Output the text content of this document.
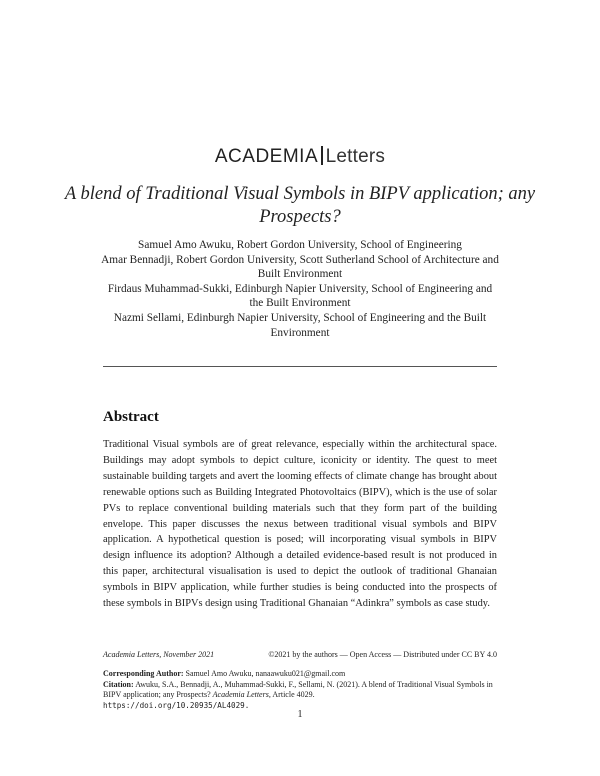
ACADEMIA Letters
A blend of Traditional Visual Symbols in BIPV application; any Prospects?
Samuel Amo Awuku, Robert Gordon University, School of Engineering
Amar Bennadji, Robert Gordon University, Scott Sutherland School of Architecture and Built Environment
Firdaus Muhammad-Sukki, Edinburgh Napier University, School of Engineering and the Built Environment
Nazmi Sellami, Edinburgh Napier University, School of Engineering and the Built Environment
Abstract
Traditional Visual symbols are of great relevance, especially within the architectural space. Buildings may adopt symbols to depict culture, iconicity or identity. The quest to meet sustainable building targets and avert the looming effects of climate change has brought about renewable options such as Building Integrated Photovoltaics (BIPV), which is the use of solar PVs to replace conventional building materials such that they form part of the building envelope. This paper discusses the nexus between traditional visual symbols and BIPV application. A hypothetical question is posed; will incorporating visual symbols in BIPV design influence its adoption? Although a detailed evidence-based result is not produced in this paper, architectural visualisation is used to depict the outlook of traditional Ghanaian symbols in BIPV application, while further studies is being conducted into the prospects of these symbols in BIPVs design using Traditional Ghanaian “Adinkra” symbols as case study.
Academia Letters, November 2021	©2021 by the authors — Open Access — Distributed under CC BY 4.0
Corresponding Author: Samuel Amo Awuku, nanaawuku021@gmail.com
Citation: Awuku, S.A., Bennadji, A., Muhammad-Sukki, F., Sellami, N. (2021). A blend of Traditional Visual Symbols in BIPV application; any Prospects? Academia Letters, Article 4029.
https://doi.org/10.20935/AL4029.
1
